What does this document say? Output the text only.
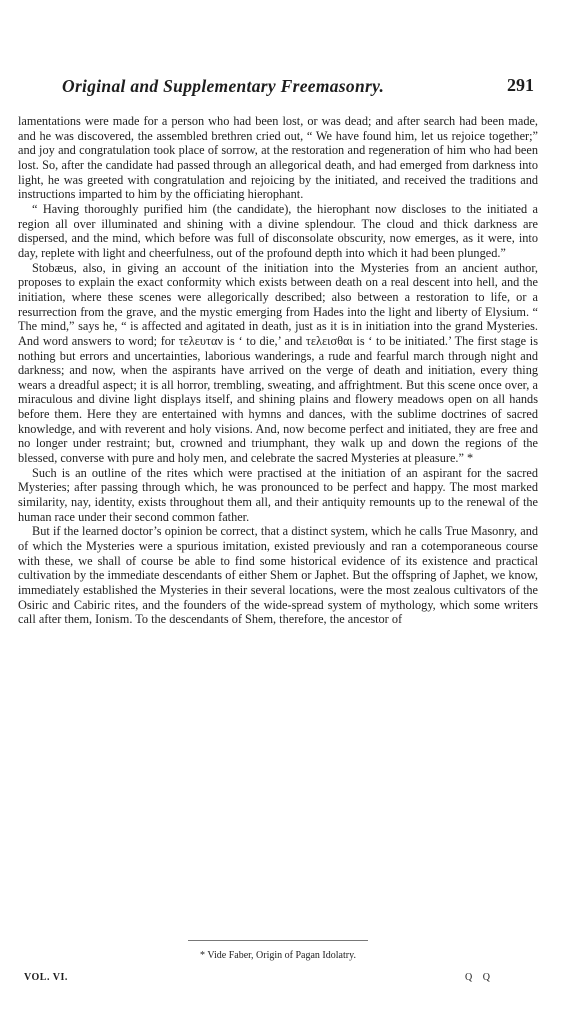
Original and Supplementary Freemasonry.	291

lamentations were made for a person who had been lost, or was dead; and after search had been made, and he was discovered, the assembled brethren cried out, “ We have found him, let us rejoice together;” and joy and congratulation took place of sorrow, at the restoration and regeneration of him who had been lost. So, after the candidate had passed through an allegorical death, and had emerged from darkness into light, he was greeted with congratulation and rejoicing by the initiated, and received the traditions and instructions imparted to him by the officiating hierophant.

“ Having thoroughly purified him (the candidate), the hierophant now discloses to the initiated a region all over illuminated and shining with a divine splendour. The cloud and thick darkness are dispersed, and the mind, which before was full of disconsolate obscurity, now emerges, as it were, into day, replete with light and cheerfulness, out of the profound depth into which it had been plunged.”

Stobæus, also, in giving an account of the initiation into the Mysteries from an ancient author, proposes to explain the exact conformity which exists between death on a real descent into hell, and the initiation, where these scenes were allegorically described; also between a restoration to life, or a resurrection from the grave, and the mystic emerging from Hades into the light and liberty of Elysium. “ The mind,” says he, “ is affected and agitated in death, just as it is in initiation into the grand Mysteries. And word answers to word; for τελευταν is ‘ to die,’ and τελεισθαι is ‘ to be initiated.’ The first stage is nothing but errors and uncertainties, laborious wanderings, a rude and fearful march through night and darkness; and now, when the aspirants have arrived on the verge of death and initiation, every thing wears a dreadful aspect; it is all horror, trembling, sweating, and affrightment. But this scene once over, a miraculous and divine light displays itself, and shining plains and flowery meadows open on all hands before them. Here they are entertained with hymns and dances, with the sublime doctrines of sacred knowledge, and with reverent and holy visions. And, now become perfect and initiated, they are free and no longer under restraint; but, crowned and triumphant, they walk up and down the regions of the blessed, converse with pure and holy men, and celebrate the sacred Mysteries at pleasure.” *

Such is an outline of the rites which were practised at the initiation of an aspirant for the sacred Mysteries; after passing through which, he was pronounced to be perfect and happy. The most marked similarity, nay, identity, exists throughout them all, and their antiquity remounts up to the renewal of the human race under their second common father.

But if the learned doctor’s opinion be correct, that a distinct system, which he calls True Masonry, and of which the Mysteries were a spurious imitation, existed previously and ran a cotemporaneous course with these, we shall of course be able to find some historical evidence of its existence and practical cultivation by the immediate descendants of either Shem or Japhet. But the offspring of Japhet, we know, immediately established the Mysteries in their several locations, were the most zealous cultivators of the Osiric and Cabiric rites, and the founders of the wide-spread system of mythology, which some writers call after them, Ionism. To the descendants of Shem, therefore, the ancestor of

* Vide Faber, Origin of Pagan Idolatry.
VOL. VI.	Q Q
